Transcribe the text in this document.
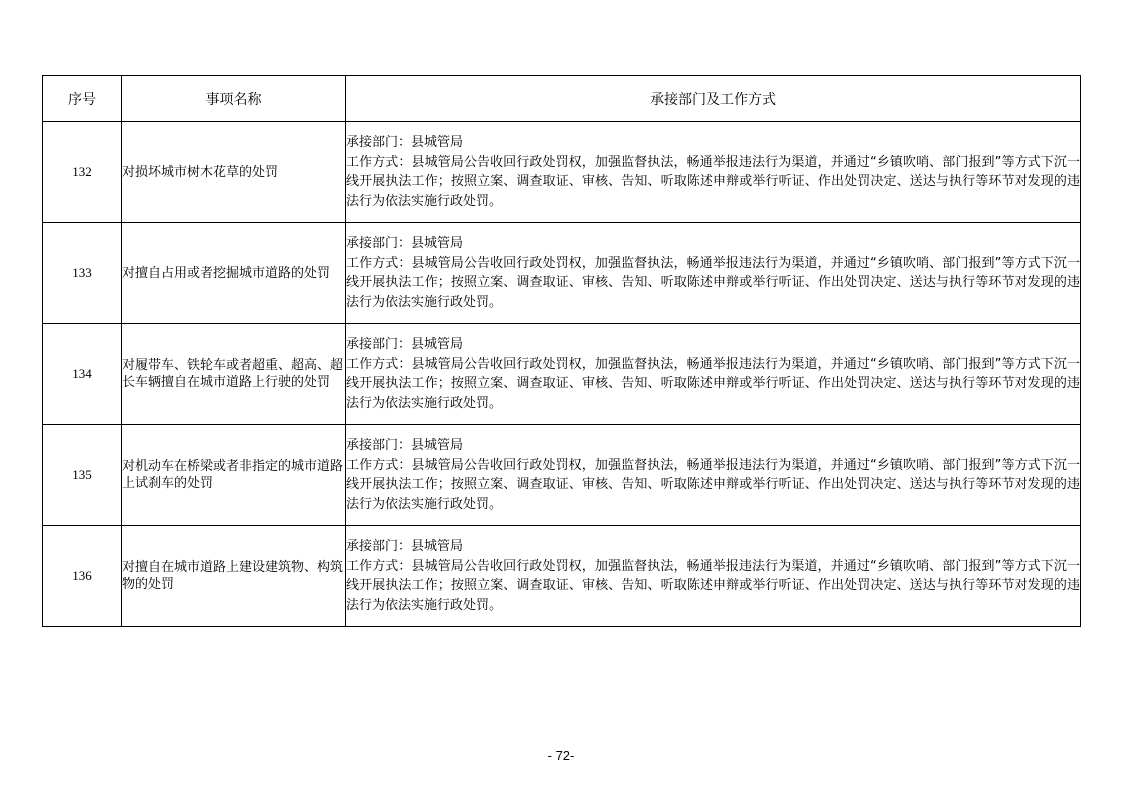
序号	事项名称	承接部门及工作方式
132	对损坏城市树木花草的处罚	承接部门：县城管局
工作方式：县城管局公告收回行政处罚权，加强监督执法，畅通举报违法行为渠道，并通过“乡镇吹哨、部门报到”等方式下沉一线开展执法工作；按照立案、调查取证、审核、告知、听取陈述申辩或举行听证、作出处罚决定、送达与执行等环节对发现的违法行为依法实施行政处罚。

133	对擅自占用或者挖掘城市道路的处罚	承接部门：县城管局
工作方式：县城管局公告收回行政处罚权，加强监督执法，畅通举报违法行为渠道，并通过“乡镇吹哨、部门报到”等方式下沉一线开展执法工作；按照立案、调查取证、审核、告知、听取陈述申辩或举行听证、作出处罚决定、送达与执行等环节对发现的违法行为依法实施行政处罚。

134	对履带车、铁轮车或者超重、超高、超长车辆擅自在城市道路上行驶的处罚	承接部门：县城管局
工作方式：县城管局公告收回行政处罚权，加强监督执法，畅通举报违法行为渠道，并通过“乡镇吹哨、部门报到”等方式下沉一线开展执法工作；按照立案、调查取证、审核、告知、听取陈述申辩或举行听证、作出处罚决定、送达与执行等环节对发现的违法行为依法实施行政处罚。

135	对机动车在桥梁或者非指定的城市道路上试刹车的处罚	承接部门：县城管局
工作方式：县城管局公告收回行政处罚权，加强监督执法，畅通举报违法行为渠道，并通过“乡镇吹哨、部门报到”等方式下沉一线开展执法工作；按照立案、调查取证、审核、告知、听取陈述申辩或举行听证、作出处罚决定、送达与执行等环节对发现的违法行为依法实施行政处罚。

136	对擅自在城市道路上建设建筑物、构筑物的处罚	承接部门：县城管局
工作方式：县城管局公告收回行政处罚权，加强监督执法，畅通举报违法行为渠道，并通过“乡镇吹哨、部门报到”等方式下沉一线开展执法工作；按照立案、调查取证、审核、告知、听取陈述申辩或举行听证、作出处罚决定、送达与执行等环节对发现的违法行为依法实施行政处罚。
- 72-
